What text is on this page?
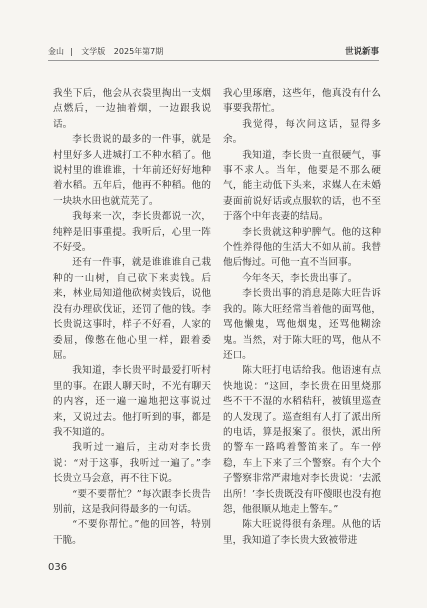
金山 | 文学版 2025年第7期	世说新事

我坐下后，他会从衣袋里掏出一支烟点燃后，一边抽着烟，一边跟我说话。

李长贵说的最多的一件事，就是村里好多人进城打工不种水稻了。他说村里的谁谁谁，十年前还好好地种着水稻。五年后，他再不种稻。他的一块块水田也就荒芜了。

我每来一次，李长贵都说一次，纯粹是旧事重提。我听后，心里一阵不好受。

还有一件事，就是谁谁谁自己栽种的一山树，自己砍下来卖钱。后来，林业局知道他砍树卖钱后，说他没有办理砍伐证，还罚了他的钱。李长贵说这事时，样子不好看，人家的委屈，像憋在他心里一样，跟着委屈。

我知道，李长贵平时最爱打听村里的事。在跟人聊天时，不光有聊天的内容，还一遍一遍地把这事说过来，又说过去。他打听到的事，都是我不知道的。

我听过一遍后，主动对李长贵说：“对于这事，我听过一遍了。”李长贵立马会意，再不往下说。

“要不要帮忙？”每次跟李长贵告别前，这是我问得最多的一句话。

“不要你帮忙。”他的回答，特别干脆。

我心里琢磨，这些年，他真没有什么事要我帮忙。

我觉得，每次问这话，显得多余。

我知道，李长贵一直很硬气，事事不求人。当年，他要是不那么硬气，能主动低下头来，求媒人在未婚妻面前说好话或点服软的话，也不至于落个中年丧妻的结局。

李长贵就这种驴脾气。他的这种个性养得他的生活大不如从前。我替他后悔过。可他一直不当回事。

今年冬天，李长贵出事了。

李长贵出事的消息是陈大旺告诉我的。陈大旺经常当着他的面骂他，骂他懒鬼，骂他烟鬼，还骂他糊涂鬼。当然，对于陈大旺的骂，他从不还口。

陈大旺打电话给我。他语速有点快地说：“这回，李长贵在田里烧那些不干不湿的水稻秸秆，被镇里巡查的人发现了。巡查组有人打了派出所的电话，算是报案了。很快，派出所的警车一路鸣着警笛来了。车一停稳，车上下来了三个警察。有个大个子警察非常严肃地对李长贵说：‘去派出所！’李长贵既没有吓傻眼也没有抱怨，他很顺从地走上警车。”

陈大旺说得很有条理。从他的话里，我知道了李长贵大致被带进

036
